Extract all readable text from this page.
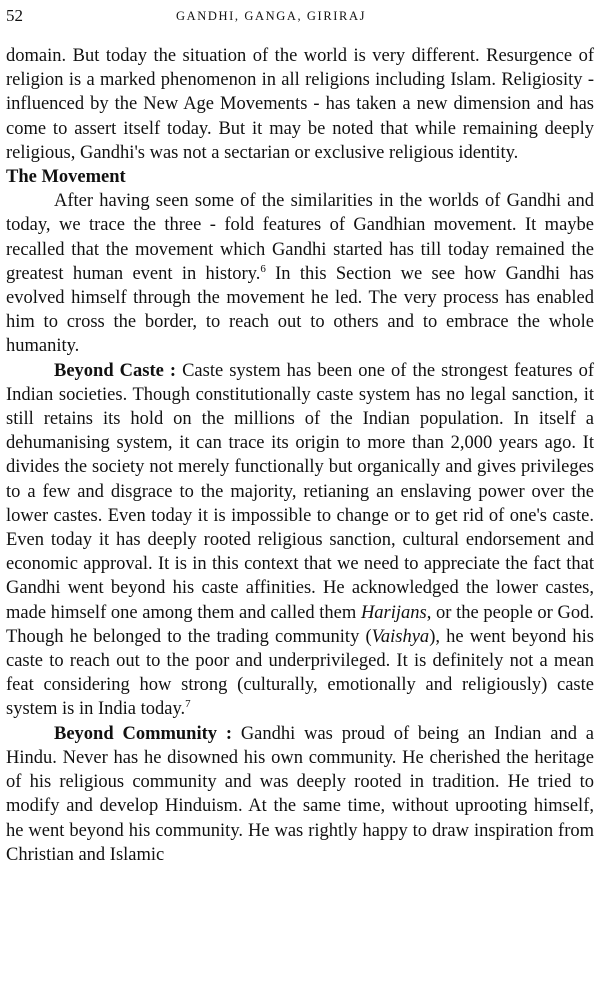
52	GANDHI, GANGA, GIRIRAJ

domain. But today the situation of the world is very different. Resurgence of religion is a marked phenomenon in all religions including Islam. Religiosity - influenced by the New Age Movements - has taken a new dimension and has come to assert itself today. But it may be noted that while remaining deeply religious, Gandhi's was not a sectarian or exclusive religious identity.

The Movement

After having seen some of the similarities in the worlds of Gandhi and today, we trace the three - fold features of Gandhian movement. It maybe recalled that the movement which Gandhi started has till today remained the greatest human event in history.$^6$ In this Section we see how Gandhi has evolved himself through the movement he led. The very process has enabled him to cross the border, to reach out to others and to embrace the whole humanity.

Beyond Caste : Caste system has been one of the strongest features of Indian societies. Though constitutionally caste system has no legal sanction, it still retains its hold on the millions of the Indian population. In itself a dehumanising system, it can trace its origin to more than 2,000 years ago. It divides the society not merely functionally but organically and gives privileges to a few and disgrace to the majority, retianing an enslaving power over the lower castes. Even today it is impossible to change or to get rid of one's caste. Even today it has deeply rooted religious sanction, cultural endorsement and economic approval. It is in this context that we need to appreciate the fact that Gandhi went beyond his caste affinities. He acknowledged the lower castes, made himself one among them and called them Harijans, or the people or God. Though he belonged to the trading community (Vaishya), he went beyond his caste to reach out to the poor and underprivileged. It is definitely not a mean feat considering how strong (culturally, emotionally and religiously) caste system is in India today.$^7$

Beyond Community : Gandhi was proud of being an Indian and a Hindu. Never has he disowned his own community. He cherished the heritage of his religious community and was deeply rooted in tradition. He tried to modify and develop Hinduism. At the same time, without uprooting himself, he went beyond his community. He was rightly happy to draw inspiration from Christian and Islamic
